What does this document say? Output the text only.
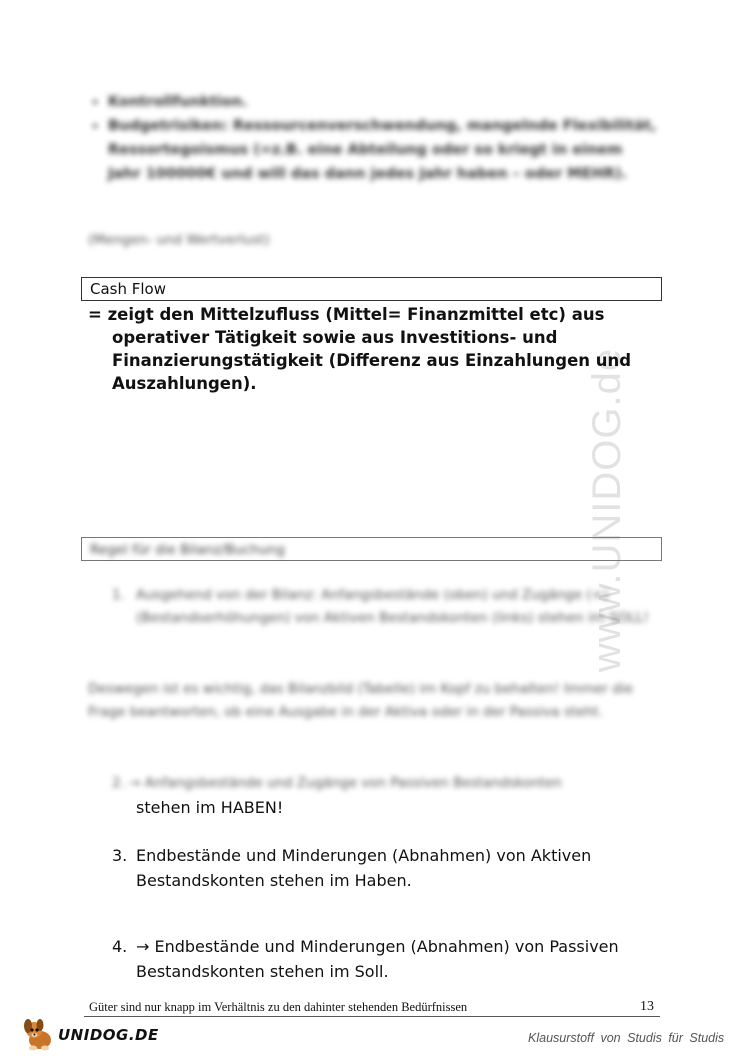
www.UNIDOG.de
• Kontrollfunktion.
• Budgetrisiken: Ressourcenverschwendung, mangelnde Flexibilität, Ressortegoismus (=z.B. eine Abteilung oder so kriegt in einem Jahr 100000€ und will das dann jedes Jahr haben – oder MEHR).
(Mengen- und Wertverlust)
Cash Flow
= zeigt den Mittelzufluss (Mittel= Finanzmittel etc) aus
operativer Tätigkeit sowie aus Investitions- und Finanzierungstätigkeit (Differenz aus Einzahlungen und Auszahlungen).
Regel für die Bilanz/Buchung
1. Ausgehend von der Bilanz: Anfangsbestände (oben) und Zugänge (+) (Bestandserhöhungen) von Aktiven Bestandskonten (links) stehen im SOLL!
Deswegen ist es wichtig, das Bilanzbild (Tabelle) im Kopf zu behalten! Immer die Frage beantworten, ob eine Ausgabe in der Aktiva oder in der Passiva steht.
2. → Anfangsbestände und Zugänge von Passiven Bestandskonten
stehen im HABEN!
3. Endbestände und Minderungen (Abnahmen) von Aktiven Bestandskonten stehen im Haben.
4. → Endbestände und Minderungen (Abnahmen) von Passiven Bestandskonten stehen im Soll.
Güter sind nur knapp im Verhältnis zu den dahinter stehenden Bedürfnissen	13
UNIDOG.DE	Klausurstoff von Studis für Studis
